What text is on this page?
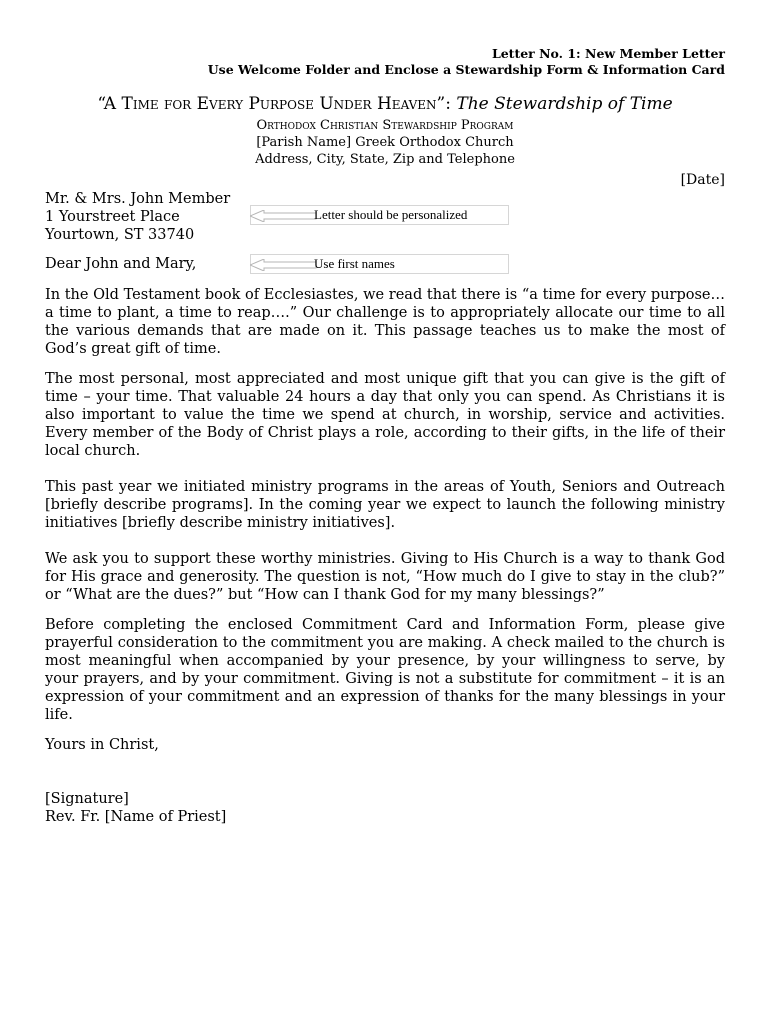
Letter No. 1: New Member Letter
Use Welcome Folder and Enclose a Stewardship Form & Information Card
“A Time for Every Purpose Under Heaven”: The Stewardship of Time
Orthodox Christian Stewardship Program
[Parish Name] Greek Orthodox Church
Address, City, State, Zip and Telephone
[Date]
Mr. & Mrs. John Member
1 Yourstreet Place
Yourtown, ST 33740
Letter should be personalized
Dear John and Mary,	Use first names

In the Old Testament book of Ecclesiastes, we read that there is “a time for every purpose… a time to plant, a time to reap….” Our challenge is to appropriately allocate our time to all the various demands that are made on it. This passage teaches us to make the most of God’s great gift of time.

The most personal, most appreciated and most unique gift that you can give is the gift of time – your time. That valuable 24 hours a day that only you can spend. As Christians it is also important to value the time we spend at church, in worship, service and activities. Every member of the Body of Christ plays a role, according to their gifts, in the life of their local church.

This past year we initiated ministry programs in the areas of Youth, Seniors and Outreach [briefly describe programs]. In the coming year we expect to launch the following ministry initiatives [briefly describe ministry initiatives].

We ask you to support these worthy ministries. Giving to His Church is a way to thank God for His grace and generosity. The question is not, “How much do I give to stay in the club?” or “What are the dues?” but “How can I thank God for my many blessings?”

Before completing the enclosed Commitment Card and Information Form, please give prayerful consideration to the commitment you are making. A check mailed to the church is most meaningful when accompanied by your presence, by your willingness to serve, by your prayers, and by your commitment. Giving is not a substitute for commitment – it is an expression of your commitment and an expression of thanks for the many blessings in your life.

Yours in Christ,
[Signature]
Rev. Fr. [Name of Priest]
